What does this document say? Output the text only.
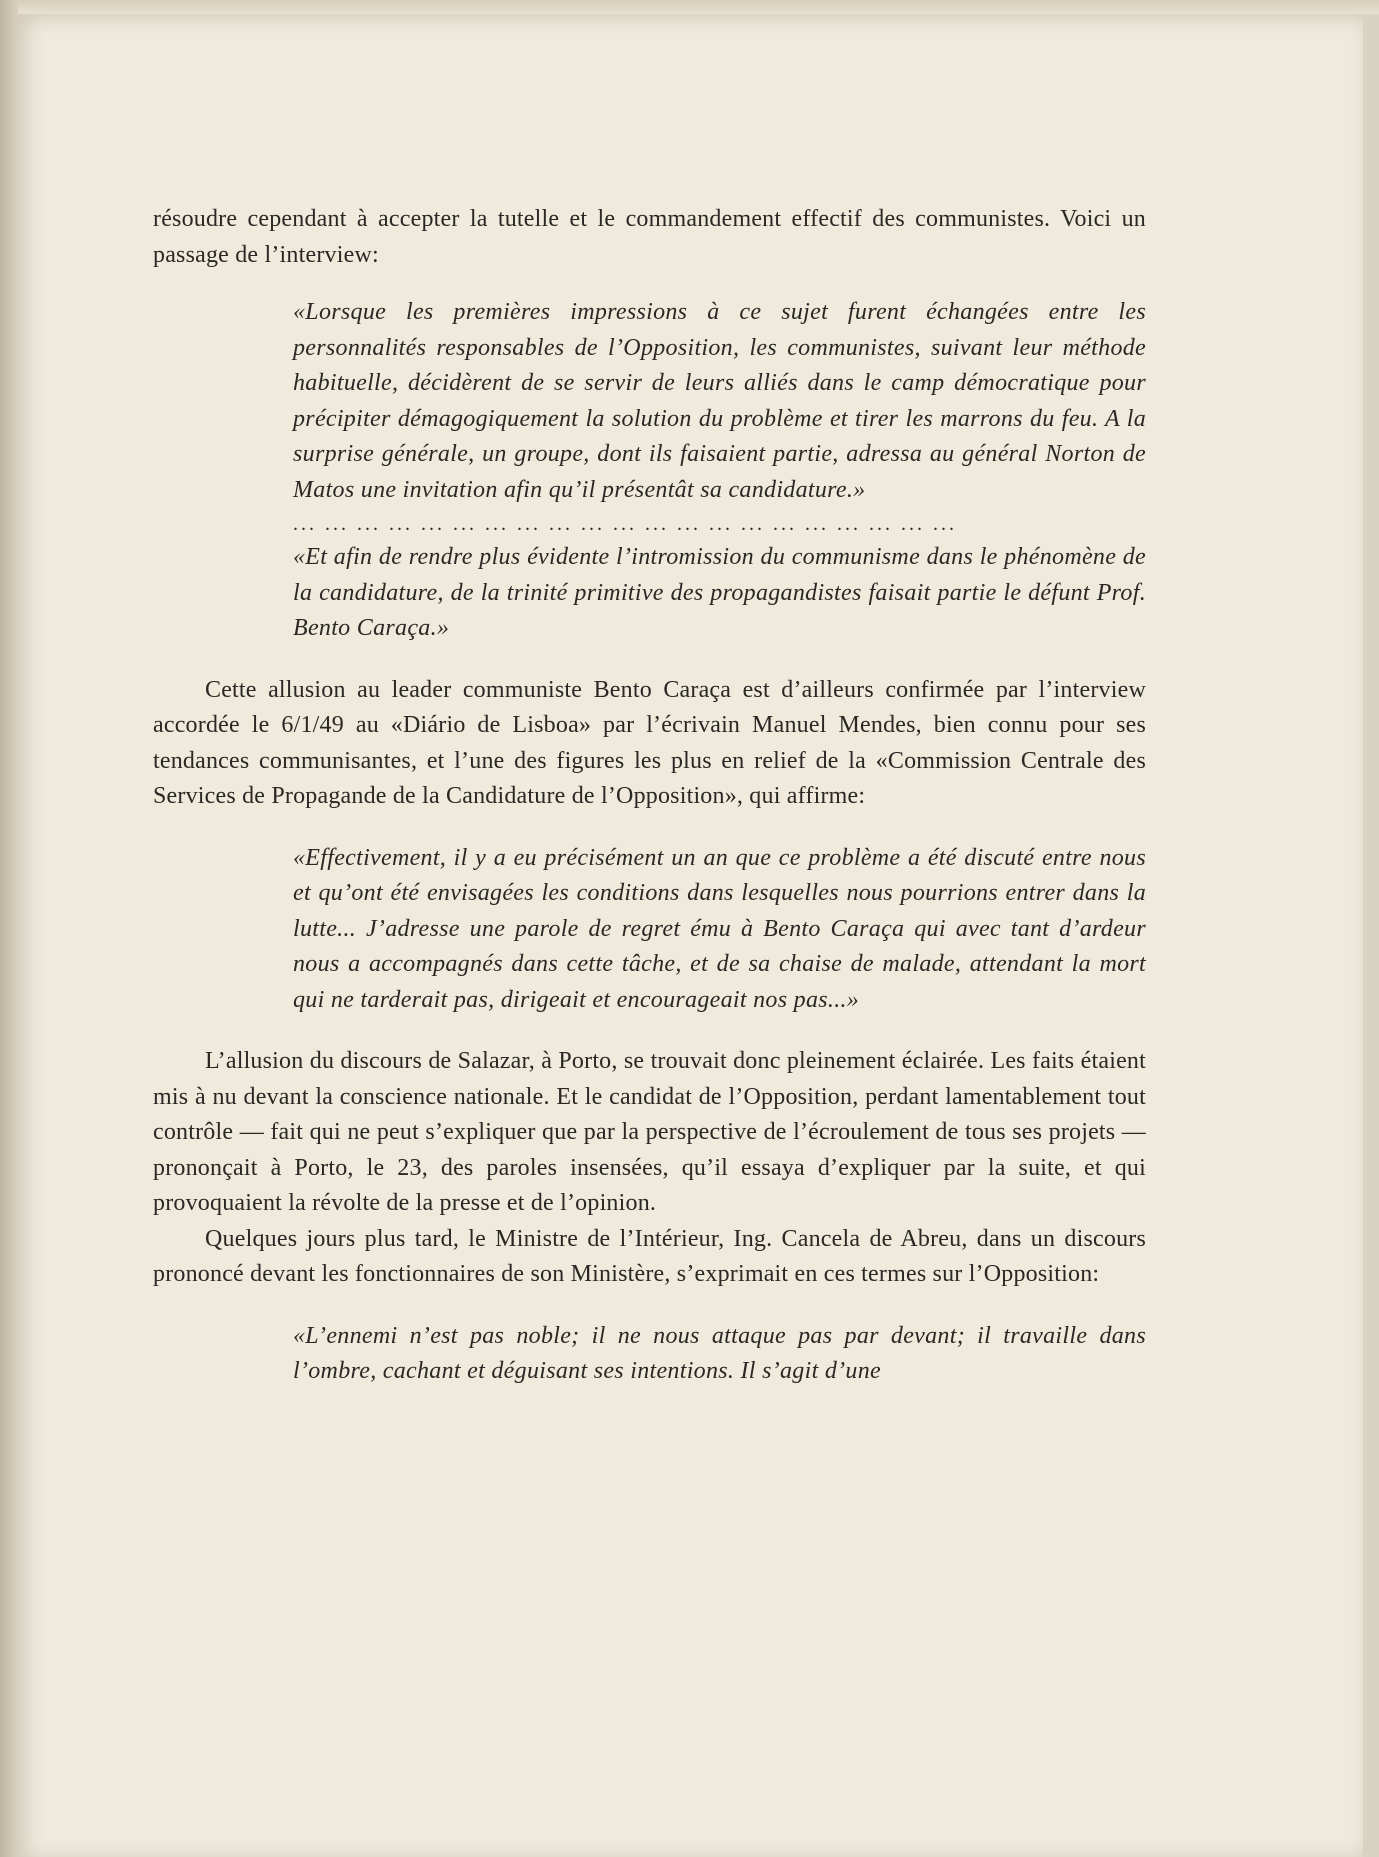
résoudre cependant à accepter la tutelle et le commandement effectif des communistes. Voici un passage de l’interview:

«Lorsque les premières impressions à ce sujet furent échangées entre les personnalités responsables de l’Opposition, les communistes, suivant leur méthode habituelle, décidèrent de se servir de leurs alliés dans le camp démocratique pour précipiter démagogiquement la solution du problème et tirer les marrons du feu. A la surprise générale, un groupe, dont ils faisaient partie, adressa au général Norton de Matos une invitation afin qu’il présentât sa candidature.»

... ... ... ... ... ... ... ... ... ... ... ... ... ... ... ... ... ... ... ... ...

«Et afin de rendre plus évidente l’intromission du communisme dans le phénomène de la candidature, de la trinité primitive des propagandistes faisait partie le défunt Prof. Bento Caraça.»

Cette allusion au leader communiste Bento Caraça est d’ailleurs confirmée par l’interview accordée le 6/1/49 au «Diário de Lisboa» par l’écrivain Manuel Mendes, bien connu pour ses tendances communisantes, et l’une des figures les plus en relief de la «Commission Centrale des Services de Propagande de la Candidature de l’Opposition», qui affirme:

«Effectivement, il y a eu précisément un an que ce problème a été discuté entre nous et qu’ont été envisagées les conditions dans lesquelles nous pourrions entrer dans la lutte... J’adresse une parole de regret ému à Bento Caraça qui avec tant d’ardeur nous a accompagnés dans cette tâche, et de sa chaise de malade, attendant la mort qui ne tarderait pas, dirigeait et encourageait nos pas...»

L’allusion du discours de Salazar, à Porto, se trouvait donc pleinement éclairée. Les faits étaient mis à nu devant la conscience nationale. Et le candidat de l’Opposition, perdant lamentablement tout contrôle — fait qui ne peut s’expliquer que par la perspective de l’écroulement de tous ses projets — prononçait à Porto, le 23, des paroles insensées, qu’il essaya d’expliquer par la suite, et qui provoquaient la révolte de la presse et de l’opinion.

Quelques jours plus tard, le Ministre de l’Intérieur, Ing. Cancela de Abreu, dans un discours prononcé devant les fonctionnaires de son Ministère, s’exprimait en ces termes sur l’Opposition:

«L’ennemi n’est pas noble; il ne nous attaque pas par devant; il travaille dans l’ombre, cachant et déguisant ses intentions. Il s’agit d’une
